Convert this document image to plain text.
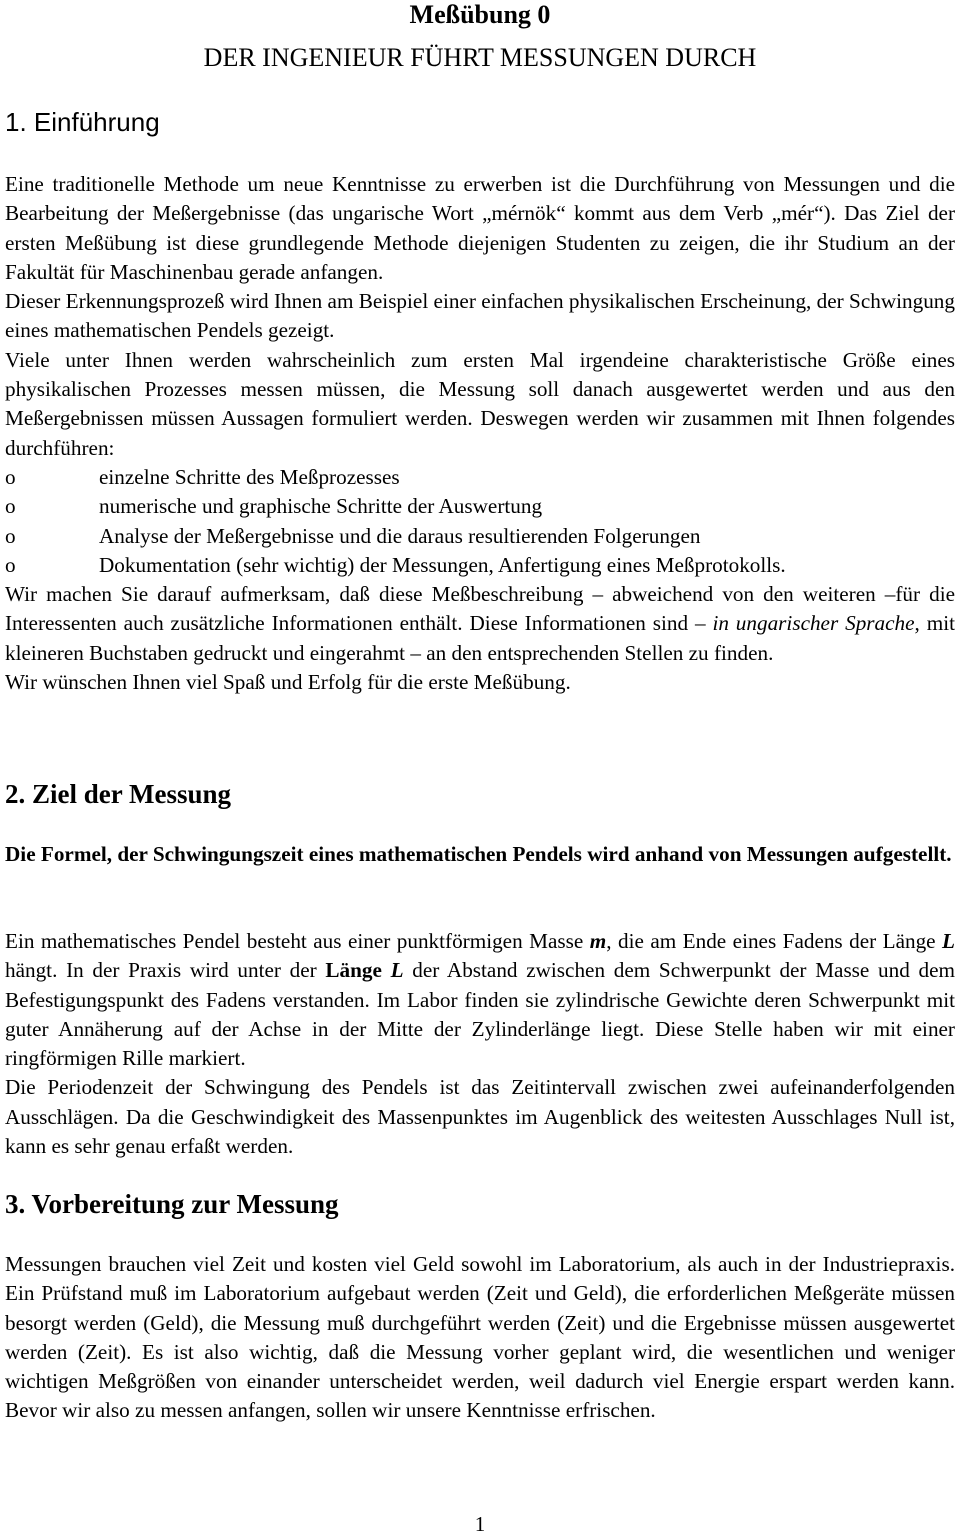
Meßübung 0
DER INGENIEUR FÜHRT MESSUNGEN DURCH
1. Einführung

Eine traditionelle Methode um neue Kenntnisse zu erwerben ist die Durchführung von Messungen und die Bearbeitung der Meßergebnisse (das ungarische Wort „mérnök“ kommt aus dem Verb „mér“). Das Ziel der ersten Meßübung ist diese grundlegende Methode diejenigen Studenten zu zeigen, die ihr Studium an der Fakultät für Maschinenbau gerade anfangen.

Dieser Erkennungsprozeß wird Ihnen am Beispiel einer einfachen physikalischen Erscheinung, der Schwingung eines mathematischen Pendels gezeigt.

Viele unter Ihnen werden wahrscheinlich zum ersten Mal irgendeine charakteristische Größe eines physikalischen Prozesses messen müssen, die Messung soll danach ausgewertet werden und aus den Meßergebnissen müssen Aussagen formuliert werden. Deswegen werden wir zusammen mit Ihnen folgendes durchführen:

o	einzelne Schritte des Meßprozesses
o	numerische und graphische Schritte der Auswertung
o	Analyse der Meßergebnisse und die daraus resultierenden Folgerungen
o	Dokumentation (sehr wichtig) der Messungen, Anfertigung eines Meßprotokolls.

Wir machen Sie darauf aufmerksam, daß diese Meßbeschreibung – abweichend von den weiteren –für die Interessenten auch zusätzliche Informationen enthält. Diese Informationen sind – in ungarischer Sprache, mit kleineren Buchstaben gedruckt und eingerahmt – an den entsprechenden Stellen zu finden.

Wir wünschen Ihnen viel Spaß und Erfolg für die erste Meßübung.

2. Ziel der Messung
Die Formel, der Schwingungszeit eines mathematischen Pendels wird anhand von Messungen aufgestellt.

Ein mathematisches Pendel besteht aus einer punktförmigen Masse m, die am Ende eines Fadens der Länge L hängt. In der Praxis wird unter der Länge L der Abstand zwischen dem Schwerpunkt der Masse und dem Befestigungspunkt des Fadens verstanden. Im Labor finden sie zylindrische Gewichte deren Schwerpunkt mit guter Annäherung auf der Achse in der Mitte der Zylinderlänge liegt. Diese Stelle haben wir mit einer ringförmigen Rille markiert.

Die Periodenzeit der Schwingung des Pendels ist das Zeitintervall zwischen zwei aufeinanderfolgenden Ausschlägen. Da die Geschwindigkeit des Massenpunktes im Augenblick des weitesten Ausschlages Null ist, kann es sehr genau erfaßt werden.

3. Vorbereitung zur Messung

Messungen brauchen viel Zeit und kosten viel Geld sowohl im Laboratorium, als auch in der Industriepraxis. Ein Prüfstand muß im Laboratorium aufgebaut werden (Zeit und Geld), die erforderlichen Meßgeräte müssen besorgt werden (Geld), die Messung muß durchgeführt werden (Zeit) und die Ergebnisse müssen ausgewertet werden (Zeit). Es ist also wichtig, daß die Messung vorher geplant wird, die wesentlichen und weniger wichtigen Meßgrößen von einander unterscheidet werden, weil dadurch viel Energie erspart werden kann. Bevor wir also zu messen anfangen, sollen wir unsere Kenntnisse erfrischen.

1
